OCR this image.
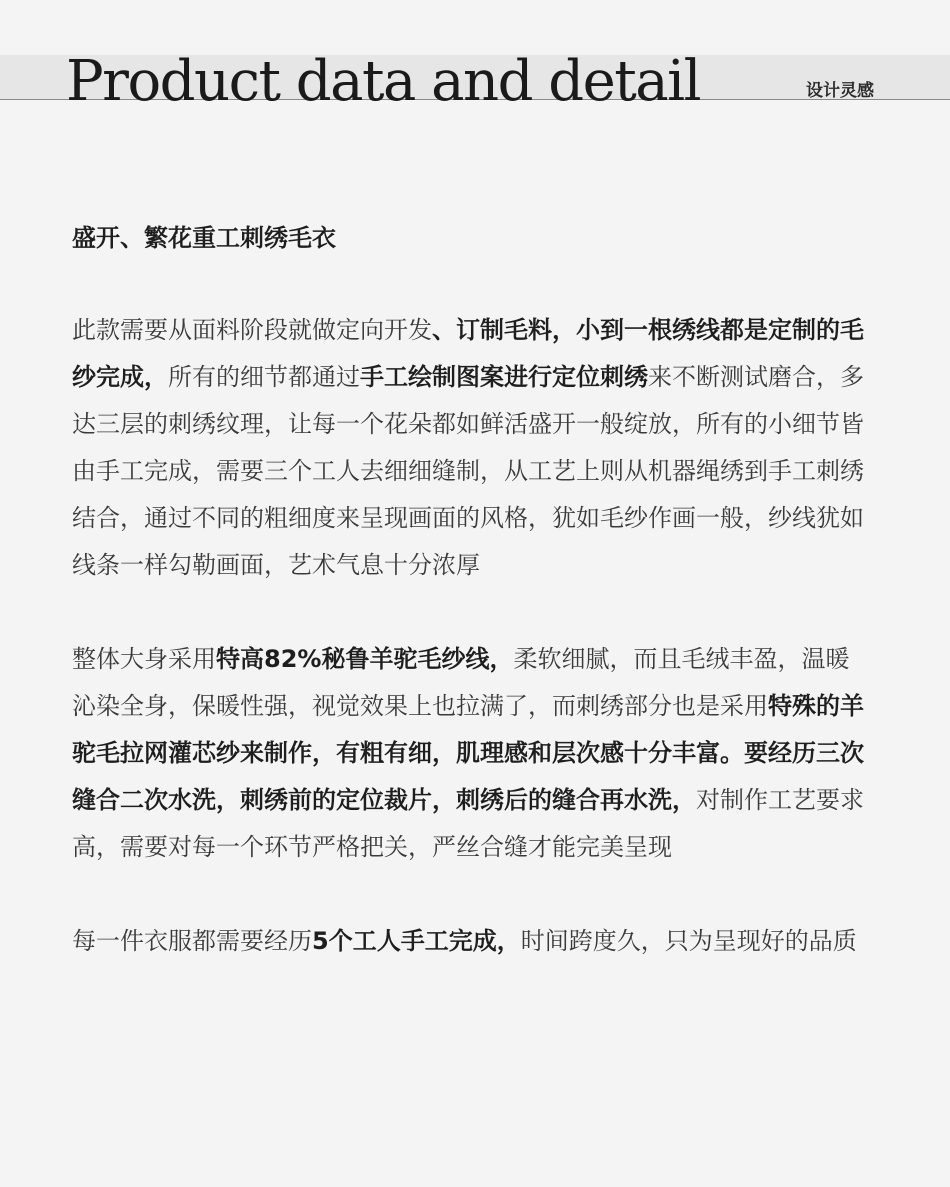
Product data and detail	设计灵感
盛开、繁花重工刺绣毛衣
此款需要从面料阶段就做定向开发、订制毛料，小到一根绣线都是定制的毛纱完成，所有的细节都通过手工绘制图案进行定位刺绣来不断测试磨合，多达三层的刺绣纹理，让每一个花朵都如鲜活盛开一般绽放，所有的小细节皆由手工完成，需要三个工人去细细缝制，从工艺上则从机器绳绣到手工刺绣结合，通过不同的粗细度来呈现画面的风格，犹如毛纱作画一般，纱线犹如线条一样勾勒画面，艺术气息十分浓厚
整体大身采用特高82%秘鲁羊驼毛纱线，柔软细腻，而且毛绒丰盈，温暖沁染全身，保暖性强，视觉效果上也拉满了，而刺绣部分也是采用特殊的羊驼毛拉网灌芯纱来制作，有粗有细，肌理感和层次感十分丰富。要经历三次缝合二次水洗，刺绣前的定位裁片，刺绣后的缝合再水洗，对制作工艺要求高，需要对每一个环节严格把关，严丝合缝才能完美呈现
每一件衣服都需要经历5个工人手工完成，时间跨度久，只为呈现好的品质
